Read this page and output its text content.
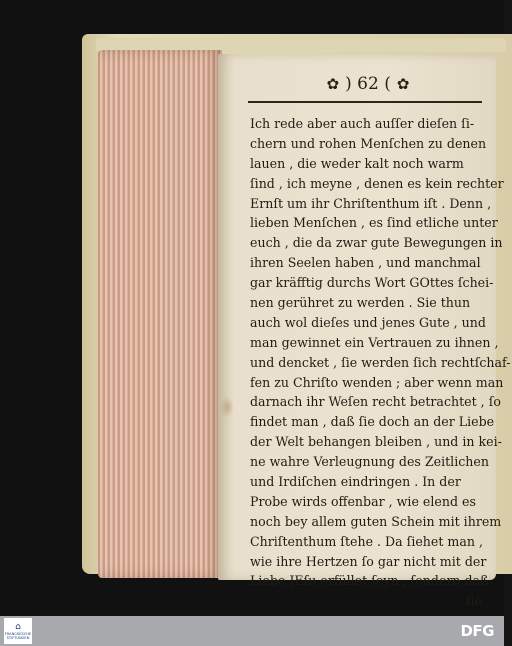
✿ ) 62 ( ✿
Ich rede aber auch auſſer dieſen ſi-
chern und rohen Menſchen zu denen
lauen , die weder kalt noch warm
ſind , ich meyne , denen es kein rechter
Ernſt um ihr Chriſtenthum iſt . Denn ,
lieben Menſchen , es ſind etliche unter
euch , die da zwar gute Bewegungen in
ihren Seelen haben , und manchmal
gar kräfftig durchs Wort GOttes ſchei-
nen gerühret zu werden . Sie thun
auch wol dieſes und jenes Gute , und
man gewinnet ein Vertrauen zu ihnen ,
und dencket , ſie werden ſich rechtſchaf-
fen zu Chriſto wenden ; aber wenn man
darnach ihr Weſen recht betrachtet , ſo
findet man , daß ſie doch an der Liebe
der Welt behangen bleiben , und in kei-
ne wahre Verleugnung des Zeitlichen
und Irdiſchen eindringen . In der
Probe wirds offenbar , wie elend es
noch bey allem guten Schein mit ihrem
Chriſtenthum ſtehe . Da ſiehet man ,
wie ihre Hertzen ſo gar nicht mit der
Liebe JEſu erfüllet ſeyn , ſondern daß
ſie
⌂
FRANCKESCHE STIFTUNGEN	DFG
